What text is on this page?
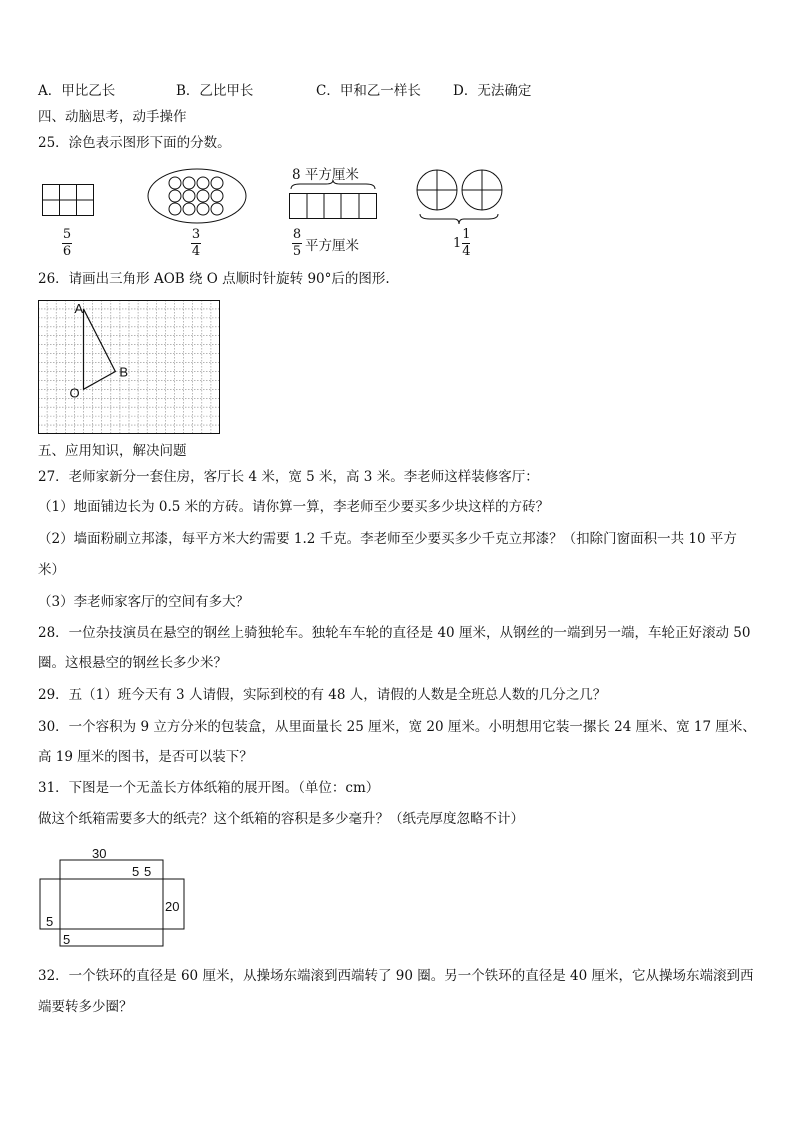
A．甲比乙长	B．乙比甲长	C．甲和乙一样长 D．无法确定
四、动脑思考，动手操作
25．涂色表示图形下面的分数。
5
6
3
4
8 平方厘米
8
5 平方厘米	1
1
4
26．请画出三角形 AOB 绕 O 点顺时针旋转 90°后的图形.
A
B
O
五、应用知识，解决问题
27．老师家新分一套住房，客厅长 4 米，宽 5 米，高 3 米。李老师这样装修客厅：
（1）地面铺边长为 0.5 米的方砖。请你算一算，李老师至少要买多少块这样的方砖？
（2）墙面粉刷立邦漆，每平方米大约需要 1.2 千克。李老师至少要买多少千克立邦漆？（扣除门窗面积一共 10 平方
米）
（3）李老师家客厅的空间有多大？
28．一位杂技演员在悬空的钢丝上骑独轮车。独轮车车轮的直径是 40 厘米，从钢丝的一端到另一端，车轮正好滚动 50
圈。这根悬空的钢丝长多少米？
29．五（1）班今天有 3 人请假，实际到校的有 48 人，请假的人数是全班总人数的几分之几？
30．一个容积为 9 立方分米的包装盒，从里面量长 25 厘米，宽 20 厘米。小明想用它装一摞长 24 厘米、宽 17 厘米、
高 19 厘米的图书，是否可以装下？
31．下图是一个无盖长方体纸箱的展开图。（单位：cm）
做这个纸箱需要多大的纸壳？这个纸箱的容积是多少毫升？（纸壳厚度忽略不计）
30
5 5
20
5
5
32．一个铁环的直径是 60 厘米，从操场东端滚到西端转了 90 圈。另一个铁环的直径是 40 厘米，它从操场东端滚到西
端要转多少圈？
